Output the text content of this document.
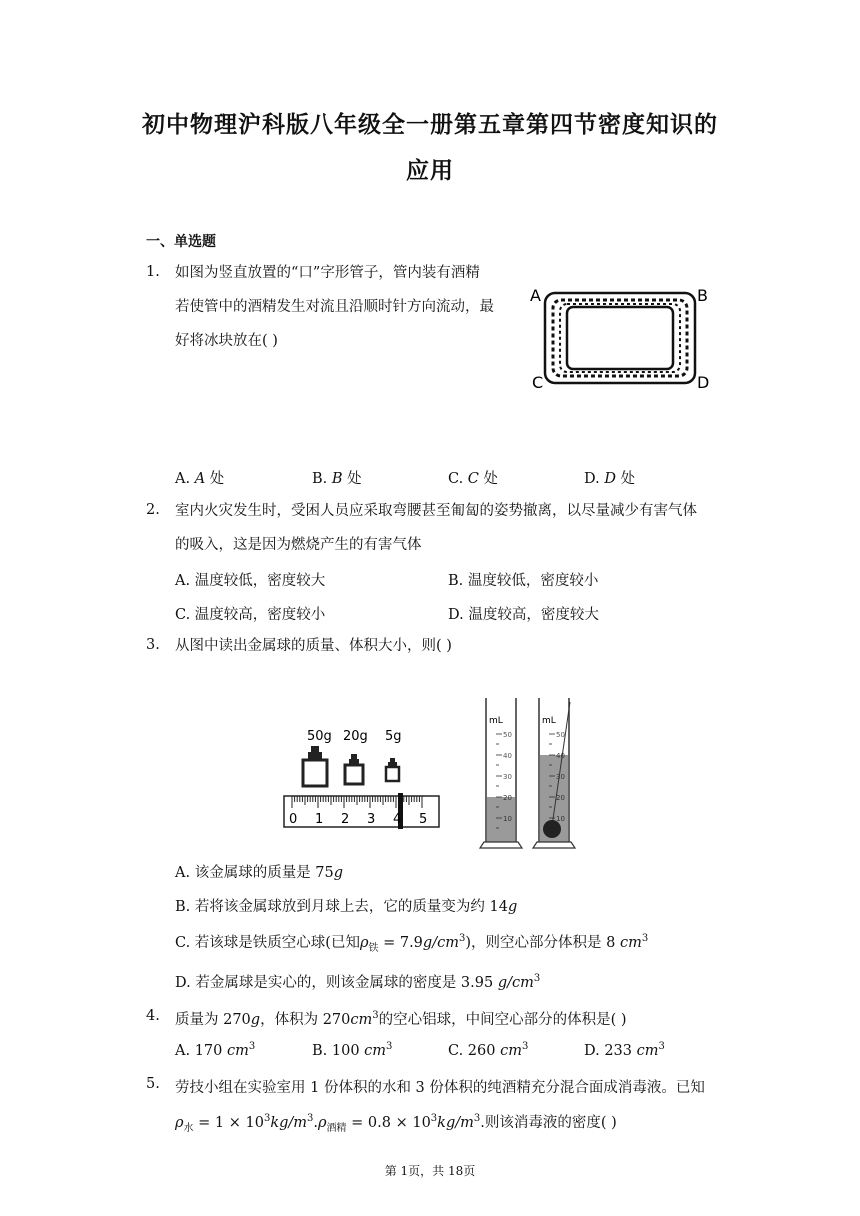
初中物理沪科版八年级全一册第五章第四节密度知识的
应用
一、单选题
1. 如图为竖直放置的“口”字形管子，管内装有酒精
若使管中的酒精发生对流且沿顺时针方向流动，最
好将冰块放在( )
A	B
C	D
A. A 处	B. B 处	C. C 处	D. D 处
2. 室内火灾发生时，受困人员应采取弯腰甚至匍匐的姿势撤离，以尽量减少有害气体
的吸入，这是因为燃烧产生的有害气体
A. 温度较低，密度较大	B. 温度较低，密度较小
C. 温度较高，密度较小	D. 温度较高，密度较大
3. 从图中读出金属球的质量、体积大小，则( )
50g 20g 5g
0 1 2 3 4 5
mL
50
40
30
20
10
mL
50
40
30
20
10
A. 该金属球的质量是 75g
B. 若将该金属球放到月球上去，它的质量变为约 14g
C. 若该球是铁质空心球(已知$\rho_铁 = 7.9g/cm^3$)，则空心部分体积是 8 $cm^3$
D. 若金属球是实心的，则该金属球的密度是 3.95 $g/cm^3$
4. 质量为 270g，体积为 $270cm^3$的空心铝球，中间空心部分的体积是( )
A. 170 $cm^3$	B. 100 $cm^3$	C. 260 $cm^3$	D. 233 $cm^3$
5. 劳技小组在实验室用 1 份体积的水和 3 份体积的纯酒精充分混合面成消毒液。已知
$\rho_水 = 1 \times 10^3kg/m^3.\rho_{酒精} = 0.8 \times 10^3kg/m^3$.则该消毒液的密度( )
第 1页，共 18页
